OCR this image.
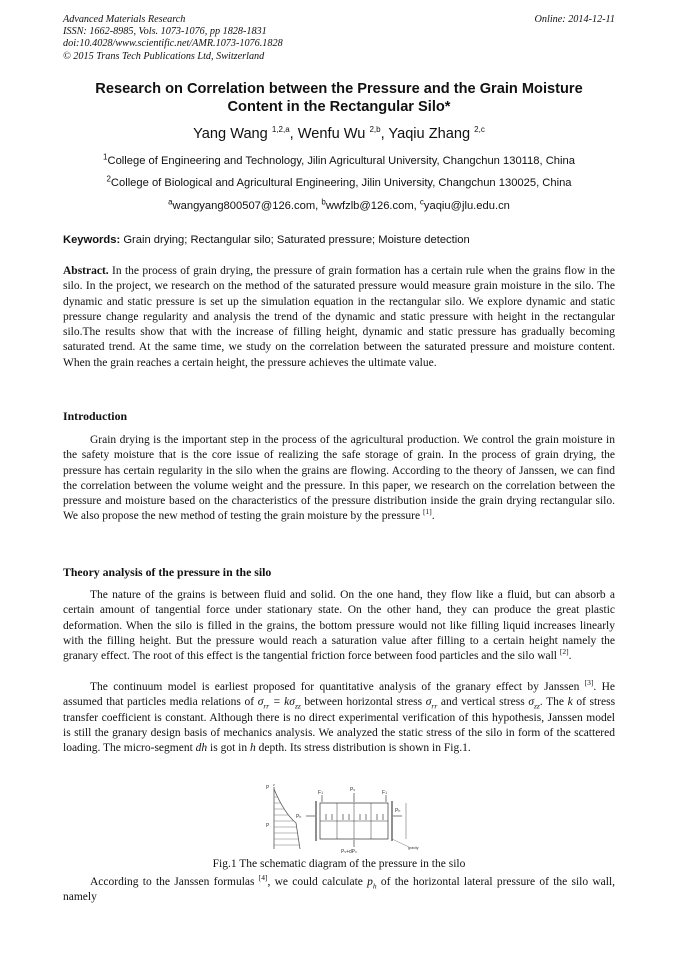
Advanced Materials Research
ISSN: 1662-8985, Vols. 1073-1076, pp 1828-1831
doi:10.4028/www.scientific.net/AMR.1073-1076.1828
© 2015 Trans Tech Publications Ltd, Switzerland
Online: 2014-12-11
Research on Correlation between the Pressure and the Grain Moisture
Content in the Rectangular Silo*
Yang Wang $^{1,2,a}$, Wenfu Wu $^{2,b}$, Yaqiu Zhang $^{2,c}$
$^1$College of Engineering and Technology, Jilin Agricultural University, Changchun 130118, China
$^2$College of Biological and Agricultural Engineering, Jilin University, Changchun 130025, China
$^a$wangyang800507@126.com, $^b$wwfzlb@126.com, $^c$yaqiu@jlu.edu.cn
Keywords: Grain drying; Rectangular silo; Saturated pressure; Moisture detection

Abstract. In the process of grain drying, the pressure of grain formation has a certain rule when the grains flow in the silo. In the project, we research on the method of the saturated pressure would measure grain moisture in the silo. The dynamic and static pressure is set up the simulation equation in the rectangular silo. We explore dynamic and static pressure change regularity and analysis the trend of the dynamic and static pressure with height in the rectangular silo.The results show that with the increase of filling height, dynamic and static pressure has gradually becoming saturated trend. At the same time, we study on the correlation between the saturated pressure and moisture content. When the grain reaches a certain height, the pressure achieves the ultimate value.

Introduction

Grain drying is the important step in the process of the agricultural production. We control the grain moisture in the safety moisture that is the core issue of realizing the safe storage of grain. In the process of grain drying, the pressure has certain regularity in the silo when the grains are flowing. According to the theory of Janssen, we can find the correlation between the volume weight and the pressure. In this paper, we research on the correlation between the pressure and moisture based on the characteristics of the pressure distribution inside the grain drying rectangular silo. We also propose the new method of testing the grain moisture by the pressure [1].

Theory analysis of the pressure in the silo

The nature of the grains is between fluid and solid. On the one hand, they flow like a fluid, but can absorb a certain amount of tangential force under stationary state. On the other hand, they can produce the great plastic deformation. When the silo is filled in the grains, the bottom pressure would not like filling liquid increases linearly with the filling height. But the pressure would reach a saturation value after filling to a certain height namely the granary effect. The root of this effect is the tangential friction force between food particles and the silo wall [2].

The continuum model is earliest proposed for quantitative analysis of the granary effect by Janssen [3]. He assumed that particles media relations of $\sigma_{rr} = k\sigma_{zz}$ between horizontal stress $\sigma_{rr}$ and vertical stress $\sigma_{zz}$. The k of stress transfer coefficient is constant. Although there is no direct experimental verification of this hypothesis, Janssen model is still the granary design basis of mechanics analysis. We analyzed the static stress of the silo in form of the scattered loading. The micro-segment dh is got in h depth. Its stress distribution is shown in Fig.1.

P
P
Pv
F1	F1
Ph
Ph
Pv+dPv
gravity
z
Fig.1 The schematic diagram of the pressure in the silo

According to the Janssen formulas [4], we could calculate $p_h$ of the horizontal lateral pressure of the silo wall, namely
